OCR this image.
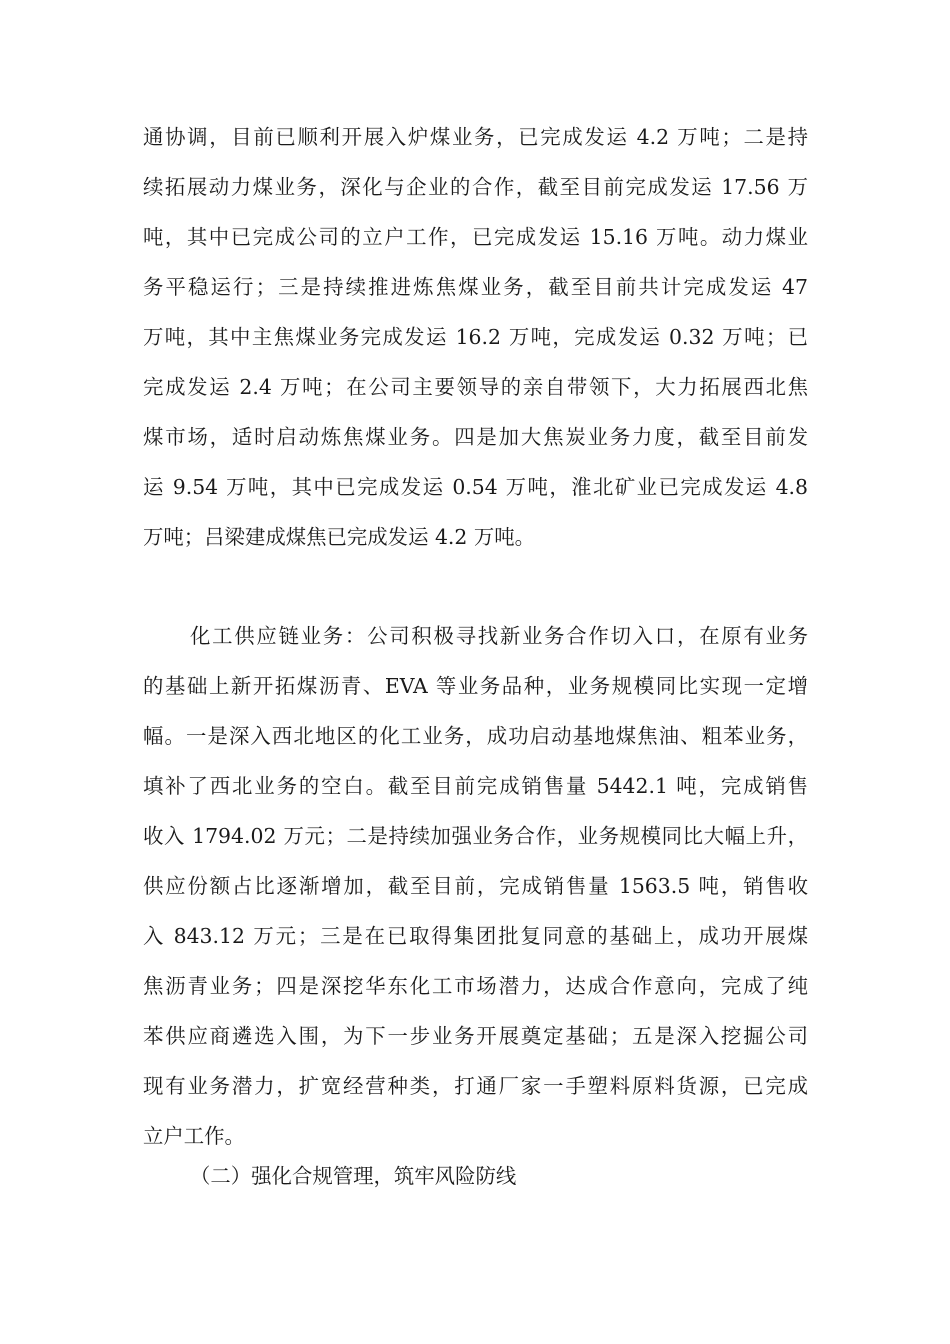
通协调，目前已顺利开展入炉煤业务，已完成发运 4.2 万吨；二是持
续拓展动力煤业务，深化与企业的合作，截至目前完成发运 17.56 万
吨，其中已完成公司的立户工作，已完成发运 15.16 万吨。动力煤业
务平稳运行；三是持续推进炼焦煤业务，截至目前共计完成发运 47
万吨，其中主焦煤业务完成发运 16.2 万吨，完成发运 0.32 万吨；已
完成发运 2.4 万吨；在公司主要领导的亲自带领下，大力拓展西北焦
煤市场，适时启动炼焦煤业务。四是加大焦炭业务力度，截至目前发
运 9.54 万吨，其中已完成发运 0.54 万吨，淮北矿业已完成发运 4.8
万吨；吕梁建成煤焦已完成发运 4.2 万吨。
化工供应链业务：公司积极寻找新业务合作切入口，在原有业务
的基础上新开拓煤沥青、EVA 等业务品种，业务规模同比实现一定增
幅。一是深入西北地区的化工业务，成功启动基地煤焦油、粗苯业务，
填补了西北业务的空白。截至目前完成销售量 5442.1 吨，完成销售
收入 1794.02 万元；二是持续加强业务合作，业务规模同比大幅上升，
供应份额占比逐渐增加，截至目前，完成销售量 1563.5 吨，销售收
入 843.12 万元；三是在已取得集团批复同意的基础上，成功开展煤
焦沥青业务；四是深挖华东化工市场潜力，达成合作意向，完成了纯
苯供应商遴选入围，为下一步业务开展奠定基础；五是深入挖掘公司
现有业务潜力，扩宽经营种类，打通厂家一手塑料原料货源，已完成
立户工作。
（二）强化合规管理，筑牢风险防线
